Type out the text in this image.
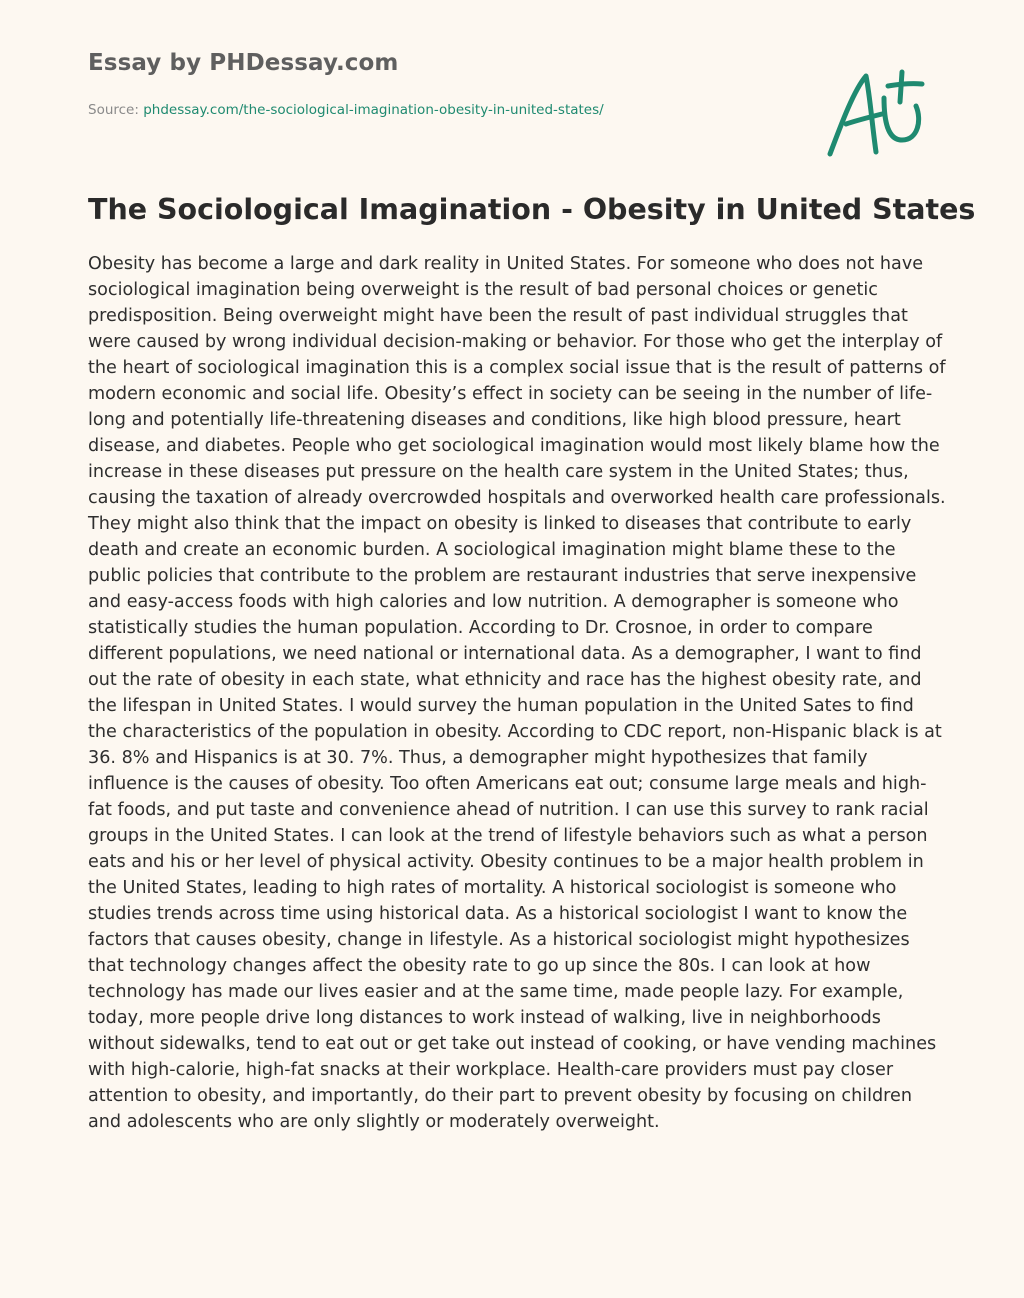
Essay by PHDessay.com
Source: phdessay.com/the-sociological-imagination-obesity-in-united-states/
The Sociological Imagination - Obesity in United States

Obesity has become a large and dark reality in United States. For someone who does not have sociological imagination being overweight is the result of bad personal choices or genetic predisposition. Being overweight might have been the result of past individual struggles that were caused by wrong individual decision-making or behavior. For those who get the interplay of the heart of sociological imagination this is a complex social issue that is the result of patterns of modern economic and social life. Obesity’s effect in society can be seeing in the number of life-long and potentially life-threatening diseases and conditions, like high blood pressure, heart disease, and diabetes. People who get sociological imagination would most likely blame how the increase in these diseases put pressure on the health care system in the United States; thus, causing the taxation of already overcrowded hospitals and overworked health care professionals. They might also think that the impact on obesity is linked to diseases that contribute to early death and create an economic burden. A sociological imagination might blame these to the public policies that contribute to the problem are restaurant industries that serve inexpensive and easy-access foods with high calories and low nutrition. A demographer is someone who statistically studies the human population. According to Dr. Crosnoe, in order to compare different populations, we need national or international data. As a demographer, I want to find out the rate of obesity in each state, what ethnicity and race has the highest obesity rate, and the lifespan in United States. I would survey the human population in the United Sates to find the characteristics of the population in obesity. According to CDC report, non-Hispanic black is at 36. 8% and Hispanics is at 30. 7%. Thus, a demographer might hypothesizes that family influence is the causes of obesity. Too often Americans eat out; consume large meals and high-fat foods, and put taste and convenience ahead of nutrition. I can use this survey to rank racial groups in the United States. I can look at the trend of lifestyle behaviors such as what a person eats and his or her level of physical activity. Obesity continues to be a major health problem in the United States, leading to high rates of mortality. A historical sociologist is someone who studies trends across time using historical data. As a historical sociologist I want to know the factors that causes obesity, change in lifestyle. As a historical sociologist might hypothesizes that technology changes affect the obesity rate to go up since the 80s. I can look at how technology has made our lives easier and at the same time, made people lazy. For example, today, more people drive long distances to work instead of walking, live in neighborhoods without sidewalks, tend to eat out or get take out instead of cooking, or have vending machines with high-calorie, high-fat snacks at their workplace. Health-care providers must pay closer attention to obesity, and importantly, do their part to prevent obesity by focusing on children and adolescents who are only slightly or moderately overweight.
